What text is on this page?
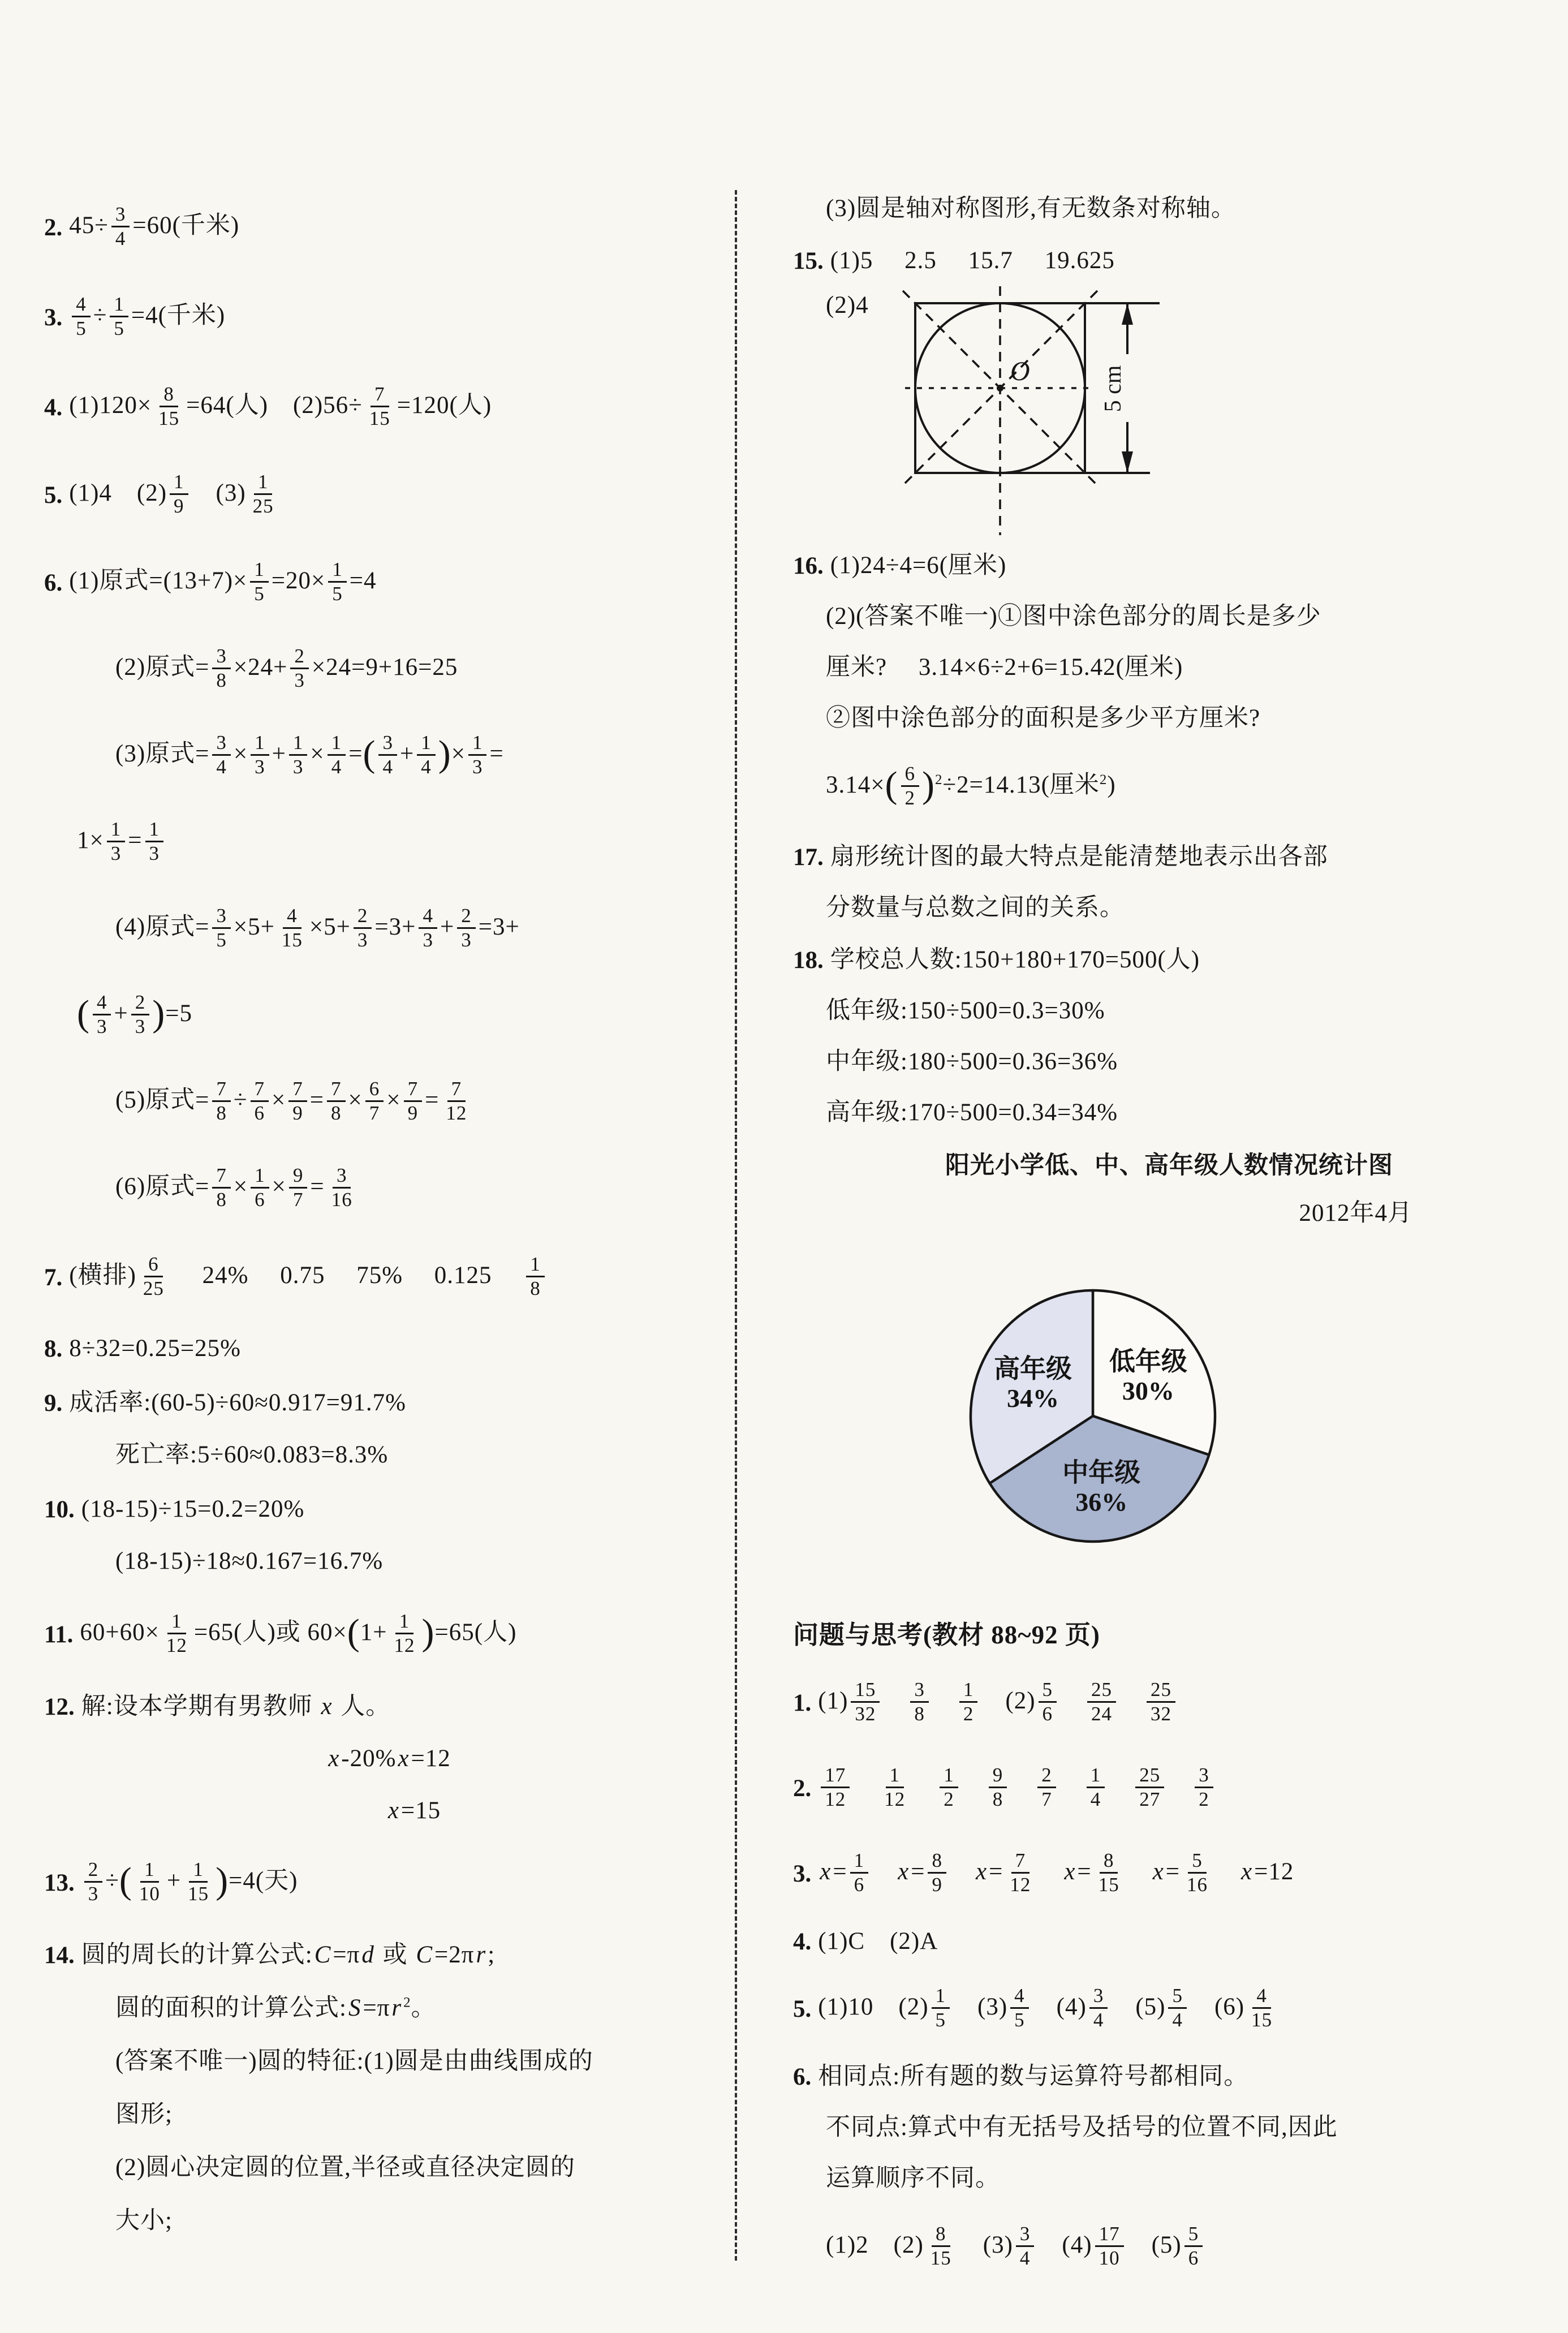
2. $45\div \frac{3}{4} =60$(千米)
3. $\frac{4}{5} \div \frac{1}{5} =4$(千米)
4. $(1)120\times \frac{8}{15} =64$(人) $(2)56\div \frac{7}{15} =120$(人)
5. (1)4 $(2) \frac{1}{9}$  $(3) \frac{1}{25}$
6. (1)原式$=(13+7)\times \frac{1}{5} =20\times \frac{1}{5} =4$
(2)原式= $\frac{3}{8} \times 24+ \frac{2}{3} \times 24=9+16=25$
(3)原式= $\frac{3}{4} \times \frac{1}{3} + \frac{1}{3} \times \frac{1}{4}$ =( $\frac{3}{4} + \frac{1}{4}$ )× $\frac{1}{3}$ =
$1\times \frac{1}{3} = \frac{1}{3}$
(4)原式= $\frac{3}{5} \times 5+ \frac{4}{15} \times 5+ \frac{2}{3} =3+ \frac{4}{3} + \frac{2}{3} =3+$
( $\frac{4}{3} + \frac{2}{3} )=5$
(5)原式= $\frac{7}{8} \div \frac{7}{6} \times \frac{7}{9} = \frac{7}{8} \times \frac{6}{7} \times \frac{7}{9} = \frac{7}{12}$
(6)原式= $\frac{7}{8} \times \frac{1}{6} \times \frac{9}{7} = \frac{3}{16}$
7. (横排) $\frac{6}{25}$   24%  0.75  75%  0.125  $\frac{1}{8}$
8. 8÷32=0.25=25%
9. 成活率:(60-5)÷60≈0.917=91.7%
死亡率:5÷60≈0.083=8.3%
10. (18-15)÷15=0.2=20%
(18-15)÷18≈0.167=16.7%
11. $60+60\times \frac{1}{12} =65$(人)或 $60\times(1+ \frac{1}{12} )=65$(人)
12. 解:设本学期有男教师 x 人。
x-20%x=12
  x=15
13. $\frac{2}{3}$ ÷( $\frac{1}{10} + \frac{1}{15} )=4$(天)
14. 圆的周长的计算公式:C=πd 或 C=2πr;
圆的面积的计算公式:S=πr $^2$。
(答案不唯一)圆的特征:(1)圆是由曲线围成的
图形;
(2)圆心决定圆的位置,半径或直径决定圆的
大小;
(3)圆是轴对称图形,有无数条对称轴。
15. (1)5  2.5  15.7  19.625
(2)4
O	5 cm
16. (1)24÷4=6(厘米)
(2)(答案不唯一)①图中涂色部分的周长是多少
厘米?  3.14×6÷2+6=15.42(厘米)
②图中涂色部分的面积是多少平方厘米?
$3.14\times( \frac{6}{2} )^2\div 2=14.13$(厘米$^2$)
17. 扇形统计图的最大特点是能清楚地表示出各部
分数量与总数之间的关系。
18. 学校总人数:150+180+170=500(人)
低年级:150÷500=0.3=30%
中年级:180÷500=0.36=36%
高年级:170÷500=0.34=34%
阳光小学低、中、高年级人数情况统计图
2012年4月
低年级
30%
中年级
36%
高年级
34%
问题与思考(教材 88~92 页)
1. $(1) \frac{15}{32}$
  $\frac{3}{8}$
  $\frac{1}{2}$  $(2) \frac{5}{6}$
  $\frac{25}{24}$
  $\frac{25}{32}$
2. $\frac{17}{12}$
  $\frac{1}{12}$
  $\frac{1}{2}$
  $\frac{9}{8}$
  $\frac{2}{7}$
  $\frac{1}{4}$
  $\frac{25}{27}$
  $\frac{3}{2}$
3. $x= \frac{1}{6}$
  $x= \frac{8}{9}$
  $x= \frac{7}{12}$
  $x= \frac{8}{15}$
  $x= \frac{5}{16}$
  x=12
4. (1)C (2)A
5. (1)10 $(2) \frac{1}{5}$  $(3) \frac{4}{5}$  $(4) \frac{3}{4}$  $(5) \frac{5}{4}$  $(6) \frac{4}{15}$
6. 相同点:所有题的数与运算符号都相同。
不同点:算式中有无括号及括号的位置不同,因此
运算顺序不同。
(1)2 $(2) \frac{8}{15}$  $(3) \frac{3}{4}$  $(4) \frac{17}{10}$  $(5) \frac{5}{6}$
